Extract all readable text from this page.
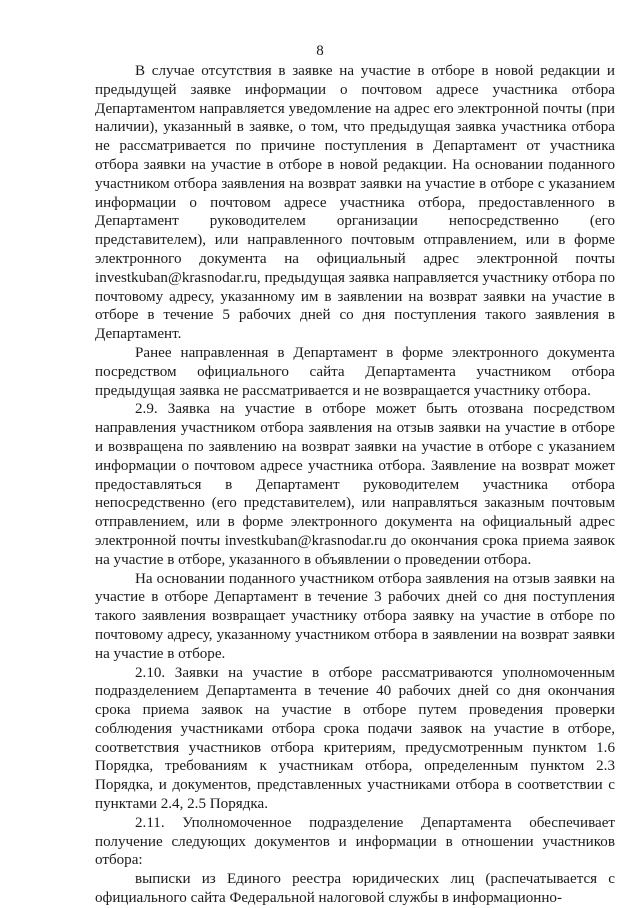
8

В случае отсутствия в заявке на участие в отборе в новой редакции и предыдущей заявке информации о почтовом адресе участника отбора Департаментом направляется уведомление на адрес его электронной почты (при наличии), указанный в заявке, о том, что предыдущая заявка участника отбора не рассматривается по причине поступления в Департамент от участника отбора заявки на участие в отборе в новой редакции. На основании поданного участником отбора заявления на возврат заявки на участие в отборе с указанием информации о почтовом адресе участника отбора, предоставленного в Департамент руководителем организации непосредственно (его представителем), или направленного почтовым отправлением, или в форме электронного документа на официальный адрес электронной почты investkuban@krasnodar.ru, предыдущая заявка направляется участнику отбора по почтовому адресу, указанному им в заявлении на возврат заявки на участие в отборе в течение 5 рабочих дней со дня поступления такого заявления в Департамент.

Ранее направленная в Департамент в форме электронного документа посредством официального сайта Департамента участником отбора предыдущая заявка не рассматривается и не возвращается участнику отбора.

2.9. Заявка на участие в отборе может быть отозвана посредством направления участником отбора заявления на отзыв заявки на участие в отборе и возвращена по заявлению на возврат заявки на участие в отборе с указанием информации о почтовом адресе участника отбора. Заявление на возврат может предоставляться в Департамент руководителем участника отбора непосредственно (его представителем), или направляться заказным почтовым отправлением, или в форме электронного документа на официальный адрес электронной почты investkuban@krasnodar.ru до окончания срока приема заявок на участие в отборе, указанного в объявлении о проведении отбора.

На основании поданного участником отбора заявления на отзыв заявки на участие в отборе Департамент в течение 3 рабочих дней со дня поступления такого заявления возвращает участнику отбора заявку на участие в отборе по почтовому адресу, указанному участником отбора в заявлении на возврат заявки на участие в отборе.

2.10. Заявки на участие в отборе рассматриваются уполномоченным подразделением Департамента в течение 40 рабочих дней со дня окончания срока приема заявок на участие в отборе путем проведения проверки соблюдения участниками отбора срока подачи заявок на участие в отборе, соответствия участников отбора критериям, предусмотренным пунктом 1.6 Порядка, требованиям к участникам отбора, определенным пунктом 2.3 Порядка, и документов, представленных участниками отбора в соответствии с пунктами 2.4, 2.5 Порядка.

2.11. Уполномоченное подразделение Департамента обеспечивает получение следующих документов и информации в отношении участников отбора:

выписки из Единого реестра юридических лиц (распечатывается с официального сайта Федеральной налоговой службы в информационно-
